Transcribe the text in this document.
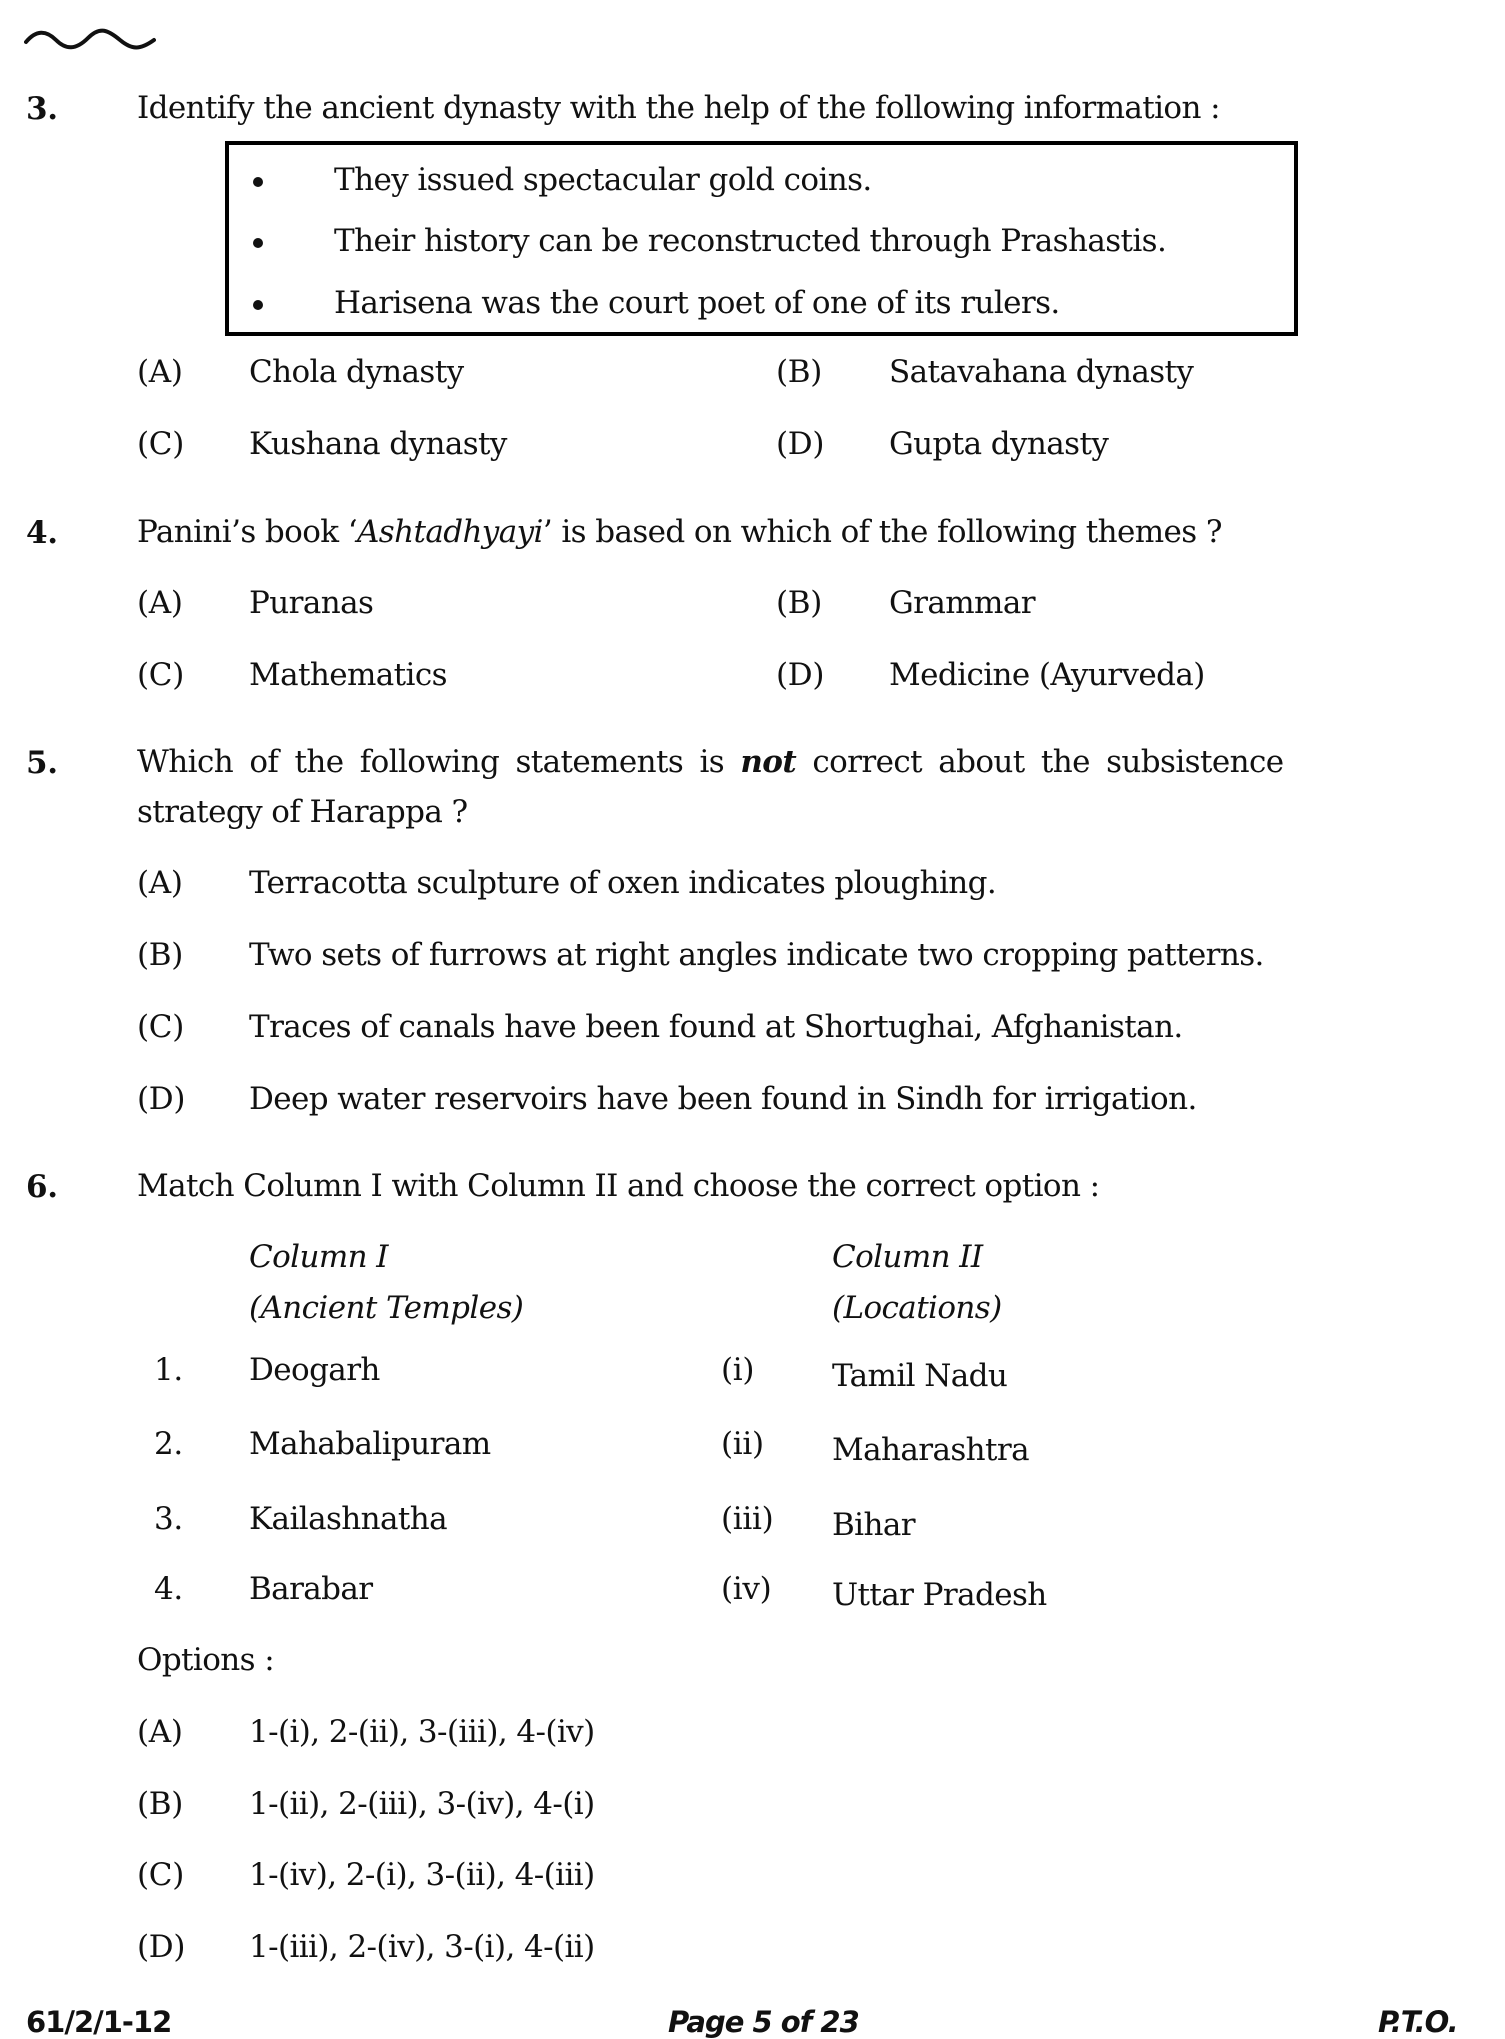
3.	Identify the ancient dynasty with the help of the following information :
They issued spectacular gold coins.
Their history can be reconstructed through Prashastis.
Harisena was the court poet of one of its rulers.
(A) Chola dynasty	(B) Satavahana dynasty
(C) Kushana dynasty	(D) Gupta dynasty
4.	Panini’s book ‘Ashtadhyayi’ is based on which of the following themes ?
(A) Puranas	(B) Grammar
(C) Mathematics	(D) Medicine (Ayurveda)
5.	Which of the following statements is not correct about the subsistence
strategy of Harappa ?
(A) Terracotta sculpture of oxen indicates ploughing.
(B) Two sets of furrows at right angles indicate two cropping patterns.
(C) Traces of canals have been found at Shortughai, Afghanistan.
(D) Deep water reservoirs have been found in Sindh for irrigation.
6.	Match Column I with Column II and choose the correct option :
Column I
(Ancient Temples)
Column II
(Locations)
1. Deogarh	(i)	Tamil Nadu
2. Mahabalipuram	(ii) Maharashtra
3. Kailashnatha	(iii) Bihar
4. Barabar	(iv) Uttar Pradesh
Options :
(A) 1-(i), 2-(ii), 3-(iii), 4-(iv)
(B) 1-(ii), 2-(iii), 3-(iv), 4-(i)
(C) 1-(iv), 2-(i), 3-(ii), 4-(iii)
(D) 1-(iii), 2-(iv), 3-(i), 4-(ii)
61/2/1-12	Page 5 of 23	P.T.O.
